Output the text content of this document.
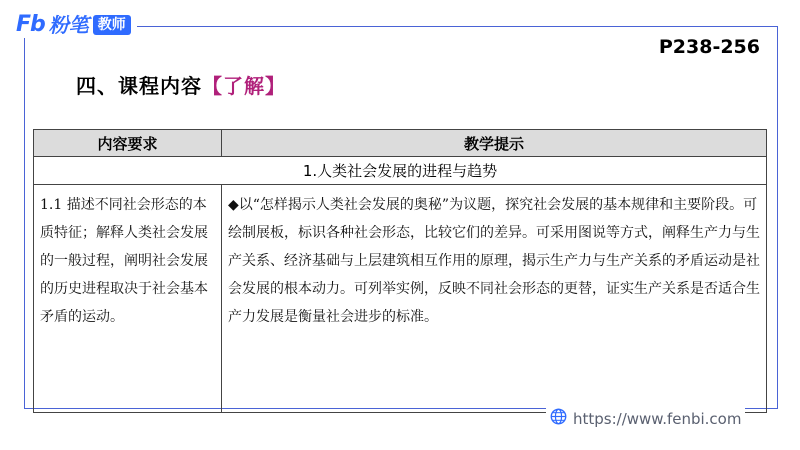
Fb 粉笔 教师
P238-256
四、课程内容【了解】
内容要求	教学提示
1.人类社会发展的进程与趋势	
1.1 描述不同社会形态的本质特征；解释人类社会发展的一般过程，阐明社会发展的历史进程取决于社会基本矛盾的运动。	◆以“怎样揭示人类社会发展的奥秘”为议题，探究社会发展的基本规律和主要阶段。可绘制展板，标识各种社会形态，比较它们的差异。可采用图说等方式，阐释生产力与生产关系、经济基础与上层建筑相互作用的原理，揭示生产力与生产关系的矛盾运动是社会发展的根本动力。可列举实例，反映不同社会形态的更替，证实生产关系是否适合生产力发展是衡量社会进步的标准。
https://www.fenbi.com
